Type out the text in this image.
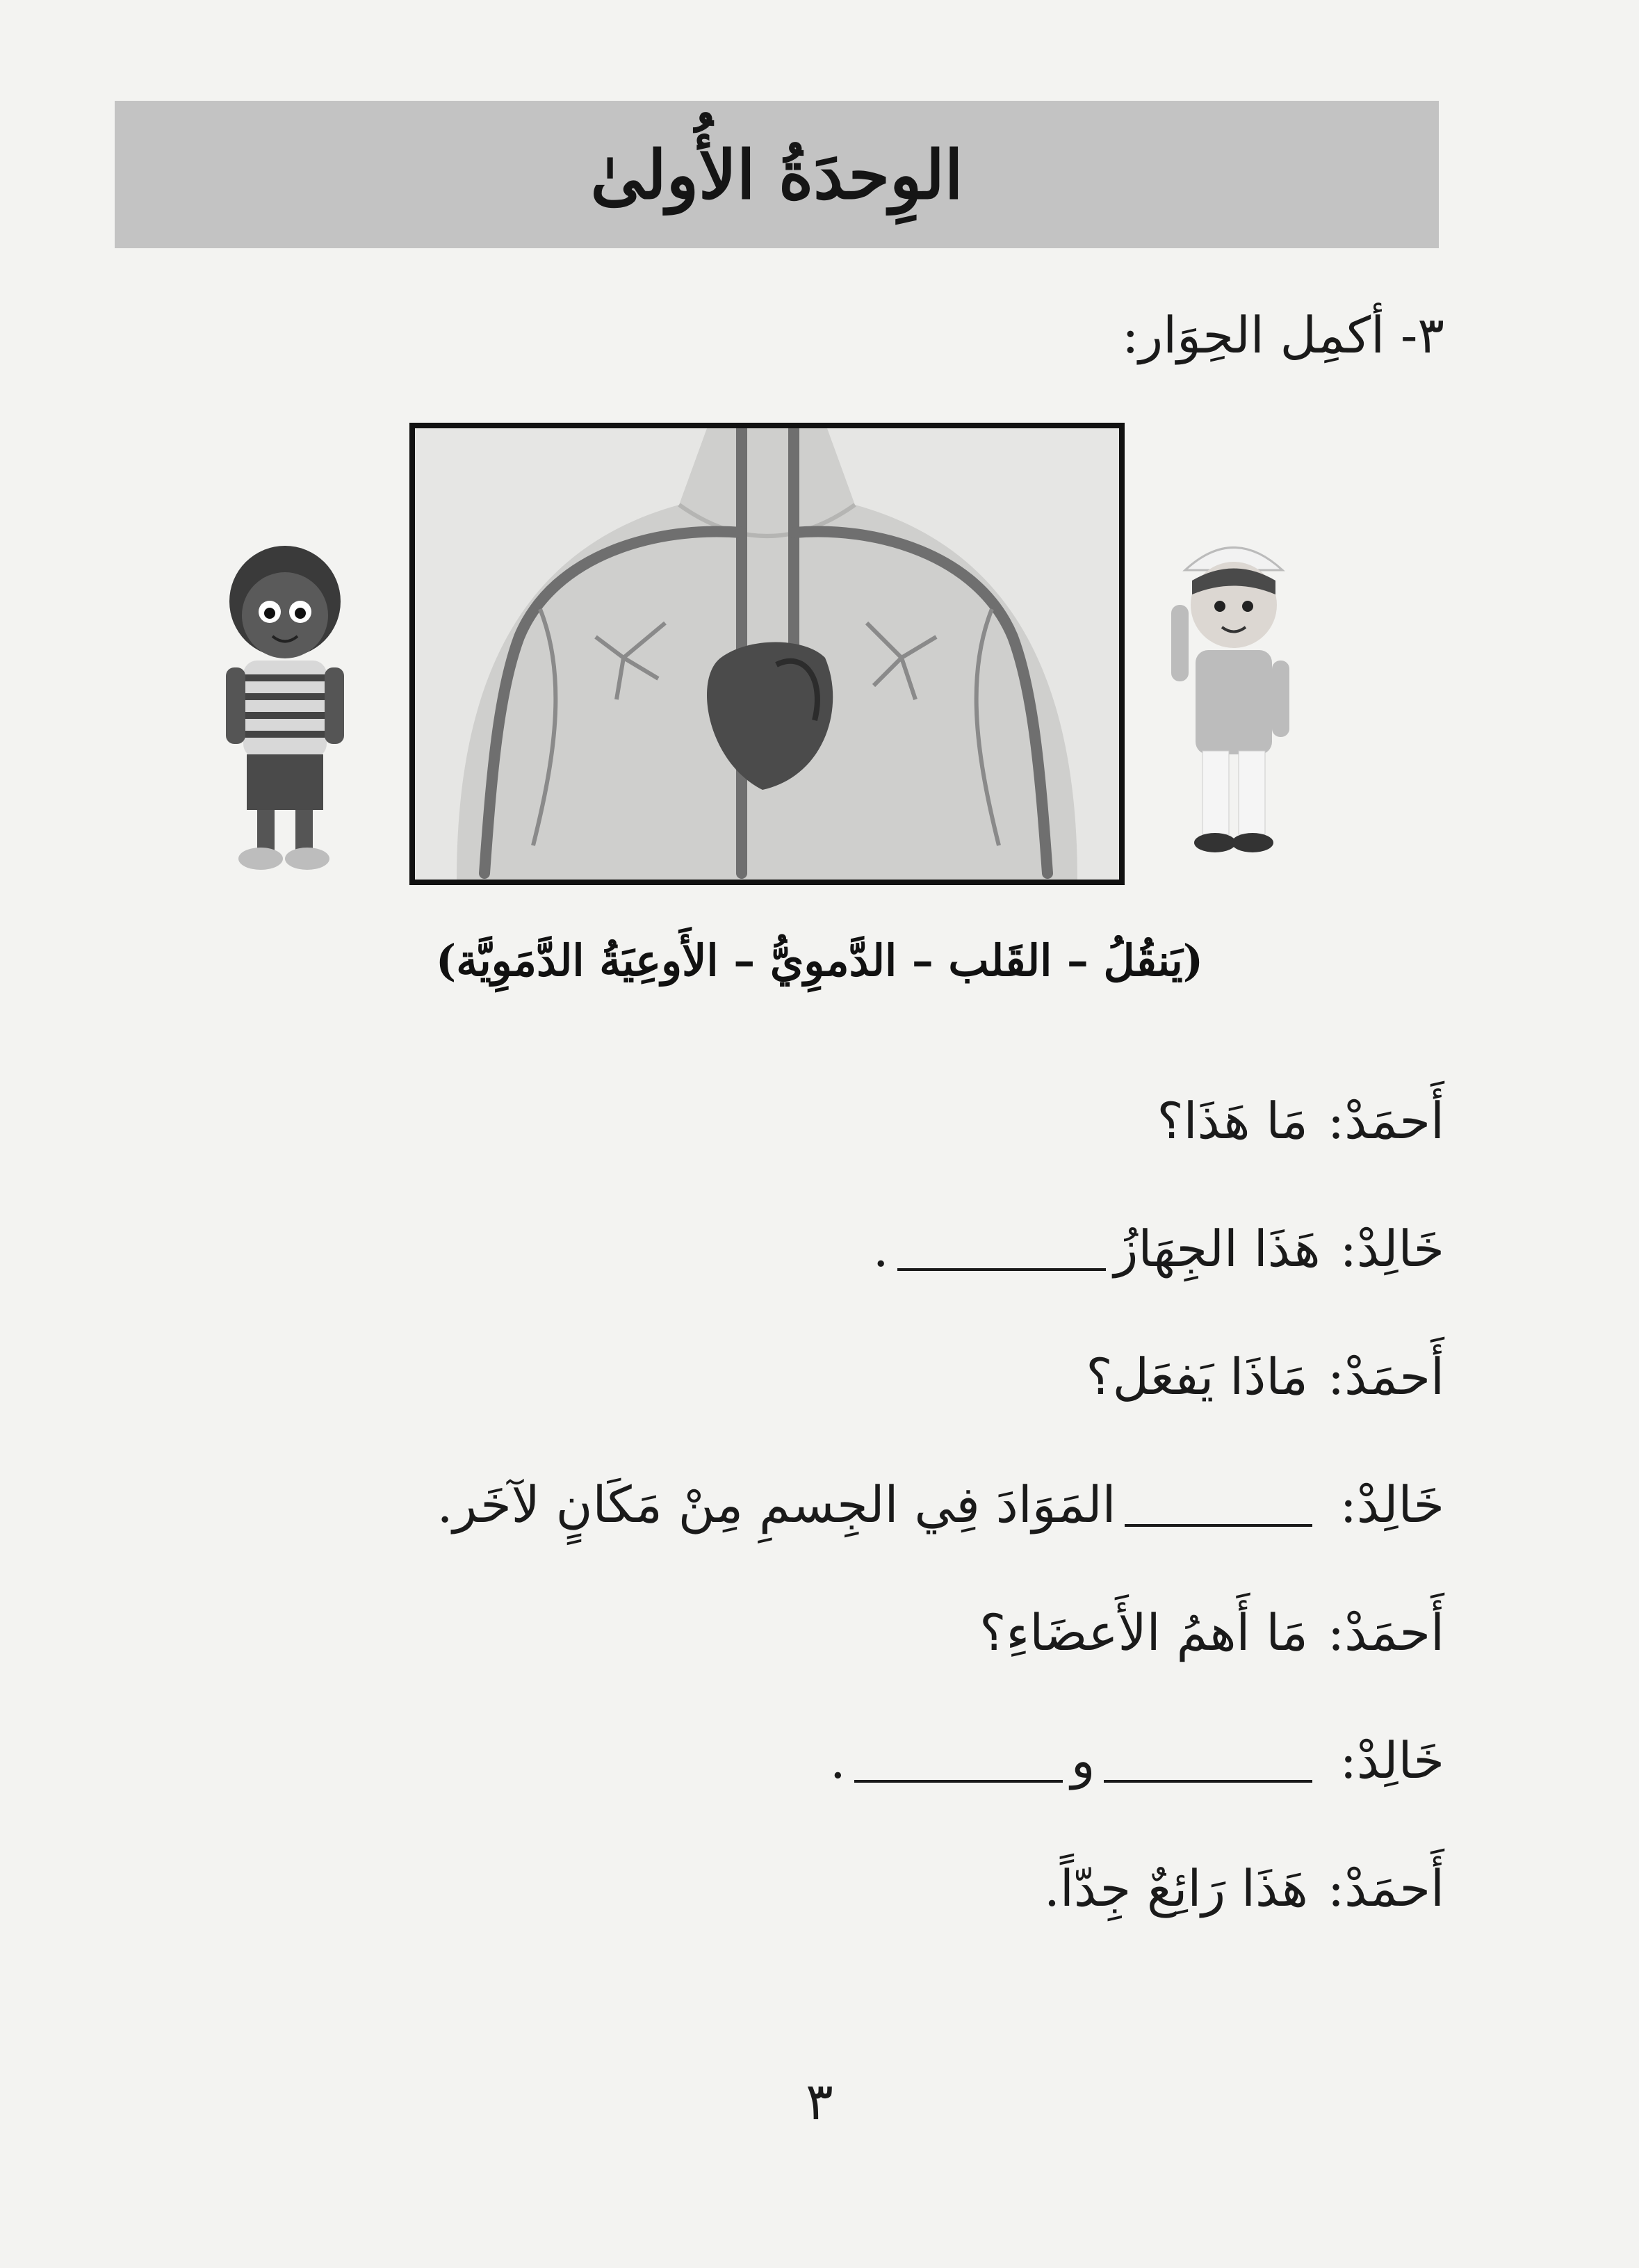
الوِحدَةُ الأُولىٰ
٣- أكمِل الحِوَار:
(يَنقُلُ – القَلب – الدَّموِيُّ – الأَوعِيَةُ الدَّمَوِيَّة)
أَحمَدْ:
مَا هَذَا؟
خَالِدْ:
هَذَا الجِهَازُ
.
أَحمَدْ:
مَاذَا يَفعَل؟
خَالِدْ:
المَوَادَ فِي الجِسمِ مِنْ مَكَانٍ لآخَر.
أَحمَدْ:
مَا أَهمُ الأَعضَاءِ؟
خَالِدْ:
و
.
أَحمَدْ:
هَذَا رَائِعٌ جِدّاً.
٣
